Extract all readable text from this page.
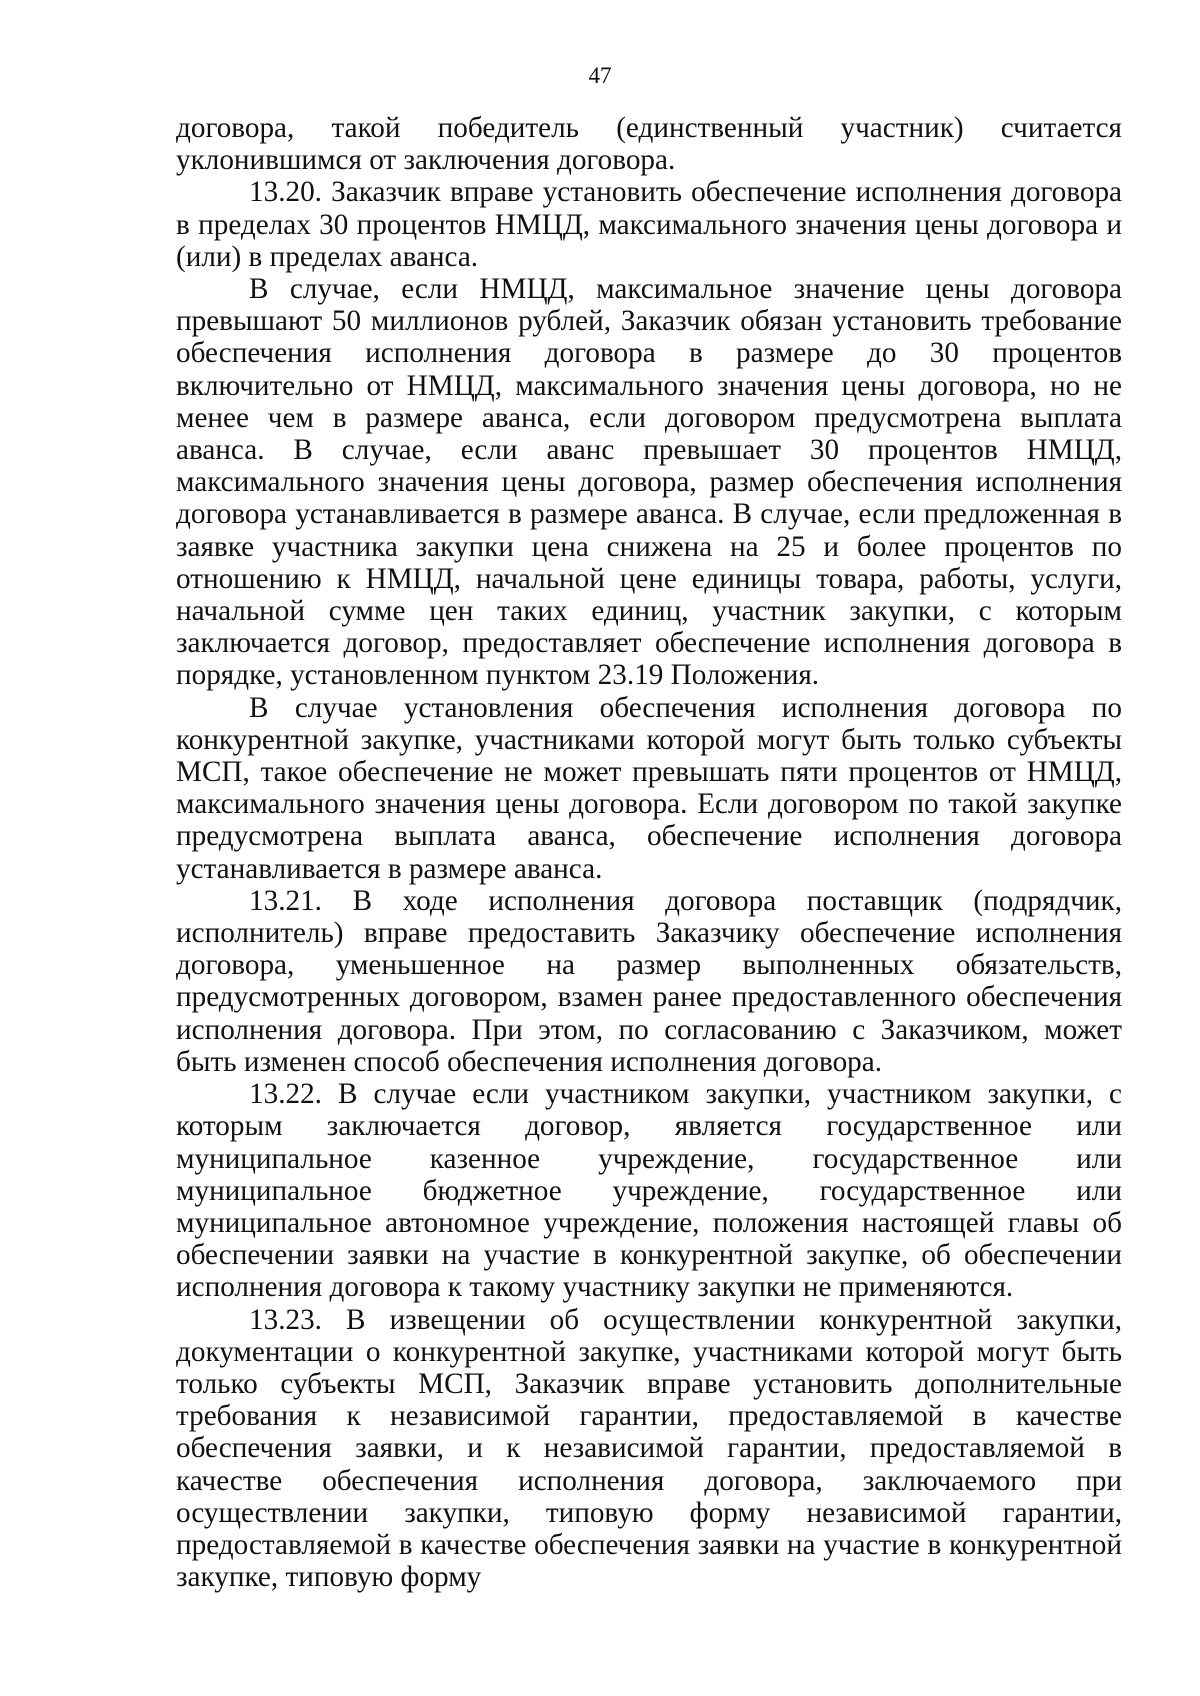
47

договора, такой победитель (единственный участник) считается уклонившимся от заключения договора.

13.20. Заказчик вправе установить обеспечение исполнения договора в пределах 30 процентов НМЦД, максимального значения цены договора и (или) в пределах аванса.

В случае, если НМЦД, максимальное значение цены договора превышают 50 миллионов рублей, Заказчик обязан установить требование обеспечения исполнения договора в размере до 30 процентов включительно от НМЦД, максимального значения цены договора, но не менее чем в размере аванса, если договором предусмотрена выплата аванса. В случае, если аванс превышает 30 процентов НМЦД, максимального значения цены договора, размер обеспечения исполнения договора устанавливается в размере аванса. В случае, если предложенная в заявке участника закупки цена снижена на 25 и более процентов по отношению к НМЦД, начальной цене единицы товара, работы, услуги, начальной сумме цен таких единиц, участник закупки, с которым заключается договор, предоставляет обеспечение исполнения договора в порядке, установленном пунктом 23.19 Положения.

В случае установления обеспечения исполнения договора по конкурентной закупке, участниками которой могут быть только субъекты МСП, такое обеспечение не может превышать пяти процентов от НМЦД, максимального значения цены договора. Если договором по такой закупке предусмотрена выплата аванса, обеспечение исполнения договора устанавливается в размере аванса.

13.21. В ходе исполнения договора поставщик (подрядчик, исполнитель) вправе предоставить Заказчику обеспечение исполнения договора, уменьшенное на размер выполненных обязательств, предусмотренных договором, взамен ранее предоставленного обеспечения исполнения договора. При этом, по согласованию с Заказчиком, может быть изменен способ обеспечения исполнения договора.

13.22. В случае если участником закупки, участником закупки, с которым заключается договор, является государственное или муниципальное казенное учреждение, государственное или муниципальное бюджетное учреждение, государственное или муниципальное автономное учреждение, положения настоящей главы об обеспечении заявки на участие в конкурентной закупке, об обеспечении исполнения договора к такому участнику закупки не применяются.

13.23. В извещении об осуществлении конкурентной закупки, документации о конкурентной закупке, участниками которой могут быть только субъекты МСП, Заказчик вправе установить дополнительные требования к независимой гарантии, предоставляемой в качестве обеспечения заявки, и к независимой гарантии, предоставляемой в качестве обеспечения исполнения договора, заключаемого при осуществлении закупки, типовую форму независимой гарантии, предоставляемой в качестве обеспечения заявки на участие в конкурентной закупке, типовую форму
